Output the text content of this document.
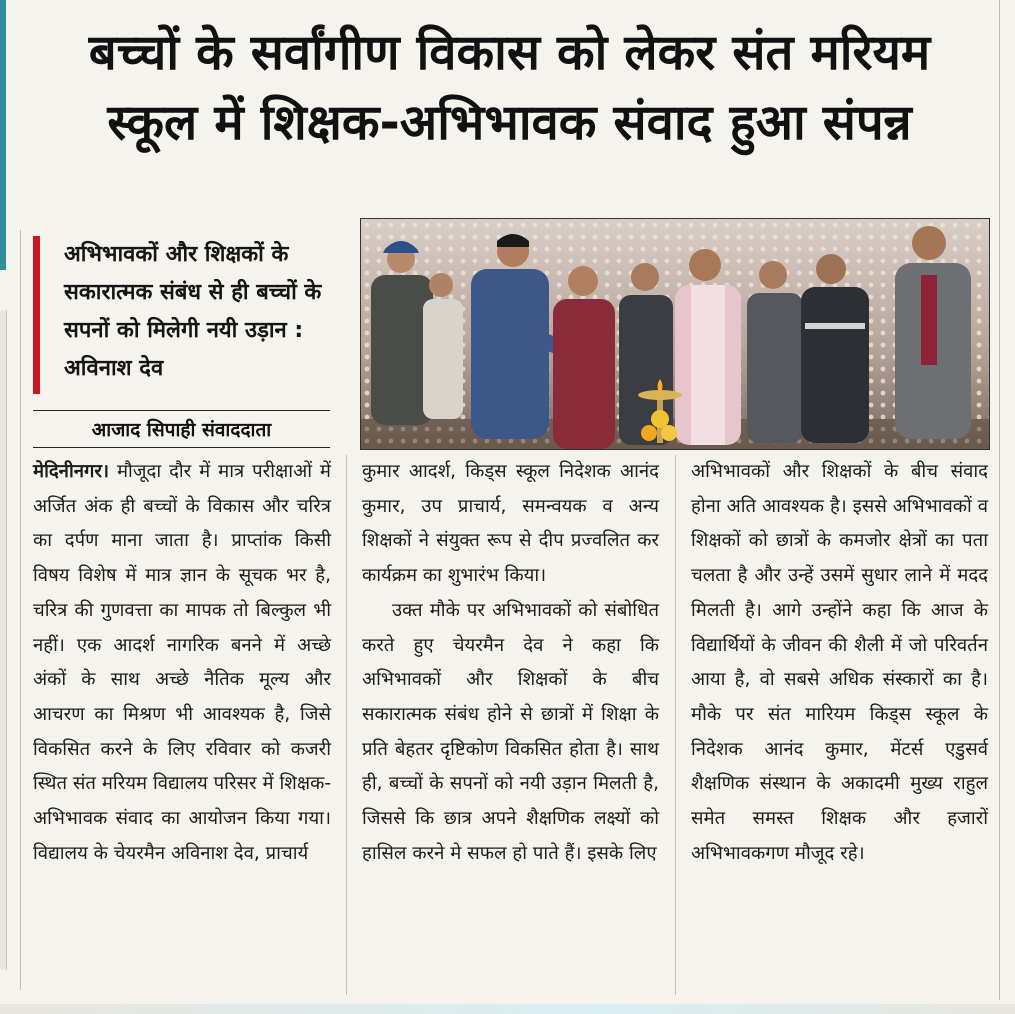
बच्चों के सर्वांगीण विकास को लेकर संत मरियम
स्कूल में शिक्षक-अभिभावक संवाद हुआ संपन्न
अभिभावकों और शिक्षकों के सकारात्मक संबंध से ही बच्चों के सपनों को मिलेगी नयी उड़ान : अविनाश देव
आजाद सिपाही संवाददाता

मेदिनीनगर। मौजूदा दौर में मात्र परीक्षाओं में अर्जित अंक ही बच्चों के विकास और चरित्र का दर्पण माना जाता है। प्राप्तांक किसी विषय विशेष में मात्र ज्ञान के सूचक भर है, चरित्र की गुणवत्ता का मापक तो बिल्कुल भी नहीं। एक आदर्श नागरिक बनने में अच्छे अंकों के साथ अच्छे नैतिक मूल्य और आचरण का मिश्रण भी आवश्यक है, जिसे विकसित करने के लिए रविवार को कजरी स्थित संत मरियम विद्यालय परिसर में शिक्षक-अभिभावक संवाद का आयोजन किया गया। विद्यालय के चेयरमैन अविनाश देव, प्राचार्य

कुमार आदर्श, किड्स स्कूल निदेशक आनंद कुमार, उप प्राचार्य, समन्वयक व अन्य शिक्षकों ने संयुक्त रूप से दीप प्रज्वलित कर कार्यक्रम का शुभारंभ किया।

उक्त मौके पर अभिभावकों को संबोधित करते हुए चेयरमैन देव ने कहा कि अभिभावकों और शिक्षकों के बीच सकारात्मक संबंध होने से छात्रों में शिक्षा के प्रति बेहतर दृष्टिकोण विकसित होता है। साथ ही, बच्चों के सपनों को नयी उड़ान मिलती है, जिससे कि छात्र अपने शैक्षणिक लक्ष्यों को हासिल करने मे सफल हो पाते हैं। इसके लिए

अभिभावकों और शिक्षकों के बीच संवाद होना अति आवश्यक है। इससे अभिभावकों व शिक्षकों को छात्रों के कमजोर क्षेत्रों का पता चलता है और उन्हें उसमें सुधार लाने में मदद मिलती है। आगे उन्होंने कहा कि आज के विद्यार्थियों के जीवन की शैली में जो परिवर्तन आया है, वो सबसे अधिक संस्कारों का है। मौके पर संत मारियम किड्स स्कूल के निदेशक आनंद कुमार, मेंटर्स एडुसर्व शैक्षणिक संस्थान के अकादमी मुख्य राहुल समेत समस्त शिक्षक और हजारों अभिभावकगण मौजूद रहे।
